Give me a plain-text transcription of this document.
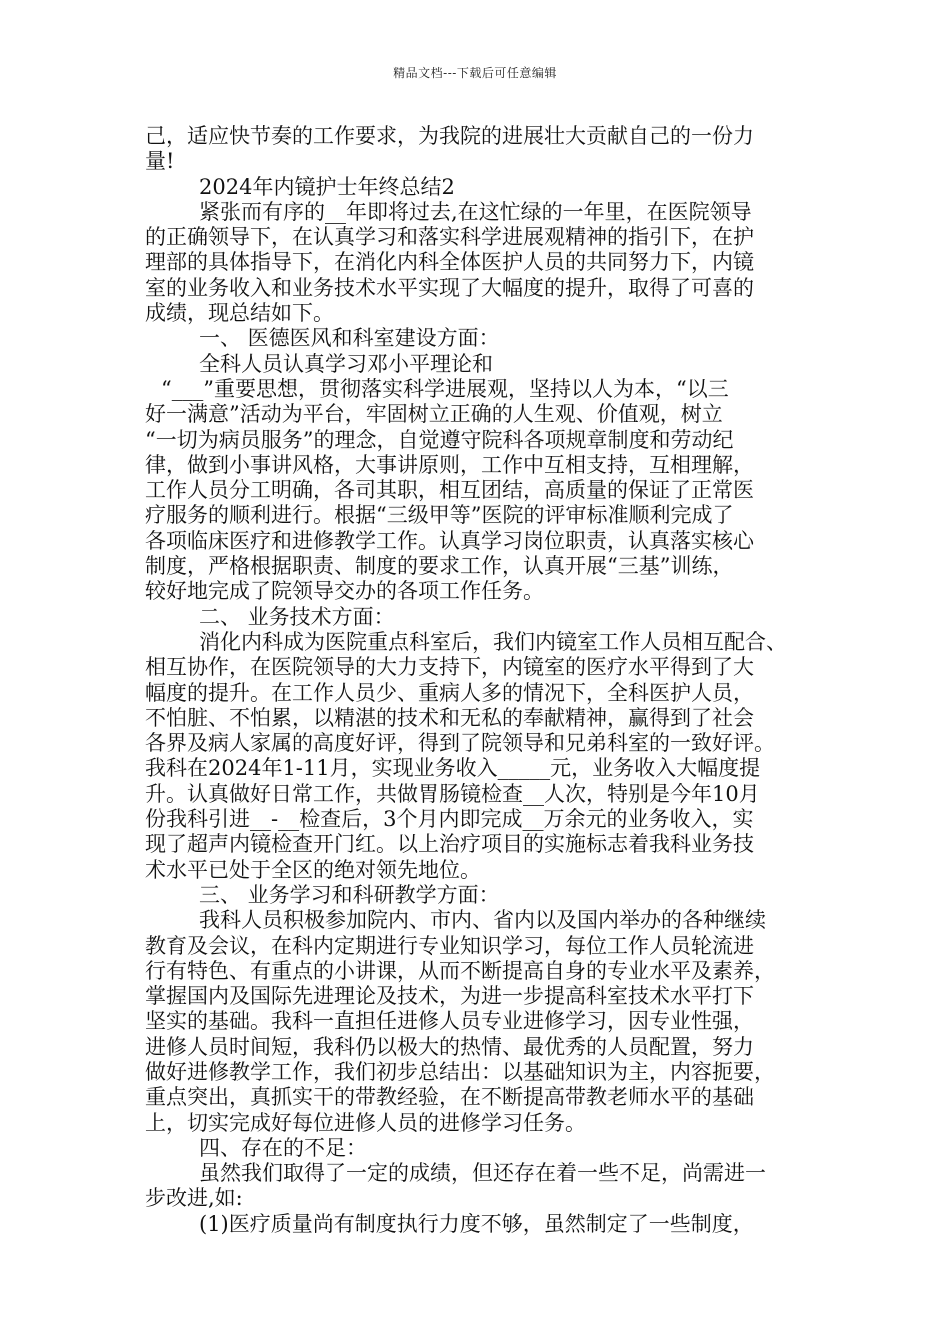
精品文档---下载后可任意编辑
己，适应快节奏的工作要求，为我院的进展壮大贡献自己的一份力
量!
2024年内镜护士年终总结2
紧张而有序的__年即将过去,在这忙绿的一年里，在医院领导
的正确领导下，在认真学习和落实科学进展观精神的指引下，在护
理部的具体指导下，在消化内科全体医护人员的共同努力下，内镜
室的业务收入和业务技术水平实现了大幅度的提升，取得了可喜的
成绩，现总结如下。
一、 医德医风和科室建设方面：
全科人员认真学习邓小平理论和
“___”重要思想，贯彻落实科学进展观，坚持以人为本，“以三
好一满意”活动为平台，牢固树立正确的人生观、价值观，树立
“一切为病员服务”的理念，自觉遵守院科各项规章制度和劳动纪
律，做到小事讲风格，大事讲原则，工作中互相支持，互相理解，
工作人员分工明确，各司其职，相互团结，高质量的保证了正常医
疗服务的顺利进行。根据“三级甲等”医院的评审标准顺利完成了
各项临床医疗和进修教学工作。认真学习岗位职责，认真落实核心
制度，严格根据职责、制度的要求工作，认真开展“三基”训练，
较好地完成了院领导交办的各项工作任务。
二、 业务技术方面：
消化内科成为医院重点科室后，我们内镜室工作人员相互配合、
相互协作，在医院领导的大力支持下，内镜室的医疗水平得到了大
幅度的提升。在工作人员少、重病人多的情况下，全科医护人员，
不怕脏、不怕累，以精湛的技术和无私的奉献精神，赢得到了社会
各界及病人家属的高度好评，得到了院领导和兄弟科室的一致好评。
我科在2024年1-11月，实现业务收入_____元，业务收入大幅度提
升。认真做好日常工作，共做胃肠镜检查__人次，特别是今年10月
份我科引进__-__检查后，3个月内即完成__万余元的业务收入，实
现了超声内镜检查开门红。以上治疗项目的实施标志着我科业务技
术水平已处于全区的绝对领先地位。
三、 业务学习和科研教学方面：
我科人员积极参加院内、市内、省内以及国内举办的各种继续
教育及会议，在科内定期进行专业知识学习，每位工作人员轮流进
行有特色、有重点的小讲课，从而不断提高自身的专业水平及素养，
掌握国内及国际先进理论及技术，为进一步提高科室技术水平打下
坚实的基础。我科一直担任进修人员专业进修学习，因专业性强，
进修人员时间短，我科仍以极大的热情、最优秀的人员配置，努力
做好进修教学工作，我们初步总结出：以基础知识为主，内容扼要，
重点突出，真抓实干的带教经验，在不断提高带教老师水平的基础
上，切实完成好每位进修人员的进修学习任务。
四、存在的不足：
虽然我们取得了一定的成绩，但还存在着一些不足，尚需进一
步改进,如:
(1)医疗质量尚有制度执行力度不够，虽然制定了一些制度，
